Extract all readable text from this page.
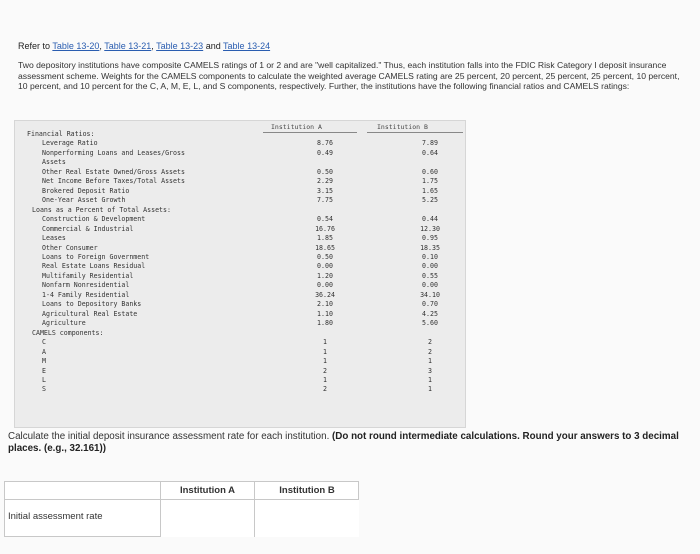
Refer to Table 13-20, Table 13-21, Table 13-23 and Table 13-24

Two depository institutions have composite CAMELS ratings of 1 or 2 and are "well capitalized." Thus, each institution falls into the FDIC Risk Category I deposit insurance assessment scheme. Weights for the CAMELS components to calculate the weighted average CAMELS rating are 25 percent, 20 percent, 25 percent, 25 percent, 10 percent, 10 percent, and 10 percent for the C, A, M, E, L, and S components, respectively. Further, the institutions have the following financial ratios and CAMELS ratings:

Institution A	Institution B
Financial Ratios:
Leverage Ratio	8.76	7.89
Nonperforming Loans and Leases/Gross	0.49	0.64
Assets
Other Real Estate Owned/Gross Assets	0.50	0.60
Net Income Before Taxes/Total Assets	2.29	1.75
Brokered Deposit Ratio	3.15	1.65
One-Year Asset Growth	7.75	5.25
Loans as a Percent of Total Assets:
Construction & Development	0.54	0.44
Commercial & Industrial	16.76	12.30
Leases	1.85	0.95
Other Consumer	18.65	18.35
Loans to Foreign Government	0.50	0.10
Real Estate Loans Residual	0.00	0.00
Multifamily Residential	1.20	0.55
Nonfarm Nonresidential	0.00	0.00
1-4 Family Residential	36.24	34.10
Loans to Depository Banks	2.10	0.70
Agricultural Real Estate	1.10	4.25
Agriculture	1.80	5.60
CAMELS components:
C	1	2
A	1	2
M	1	1
E	2	3
L	1	1
S	2	1
Calculate the initial deposit insurance assessment rate for each institution. (Do not round intermediate calculations. Round your answers to 3 decimal places. (e.g., 32.161))
Institution A	Institution B
Initial assessment rate
